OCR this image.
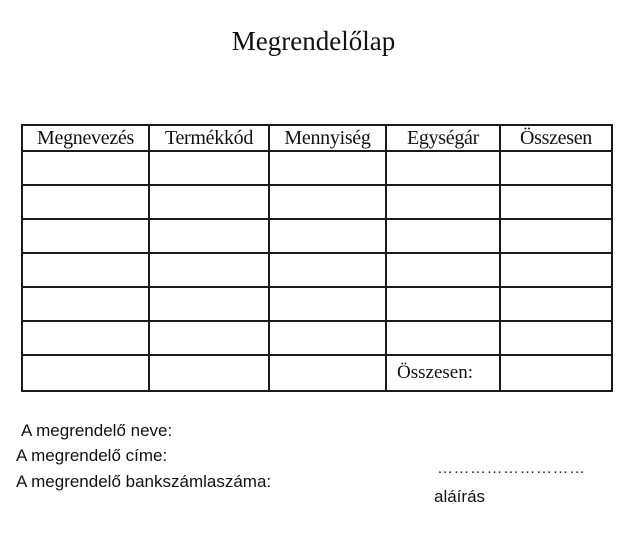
Megrendelőlap
Megnevezés	Termékkód	Mennyiség	Egységár	Összesen

			Összesen:	
A megrendelő neve:
A megrendelő címe:
A megrendelő bankszámlaszáma:
………………………
aláírás
